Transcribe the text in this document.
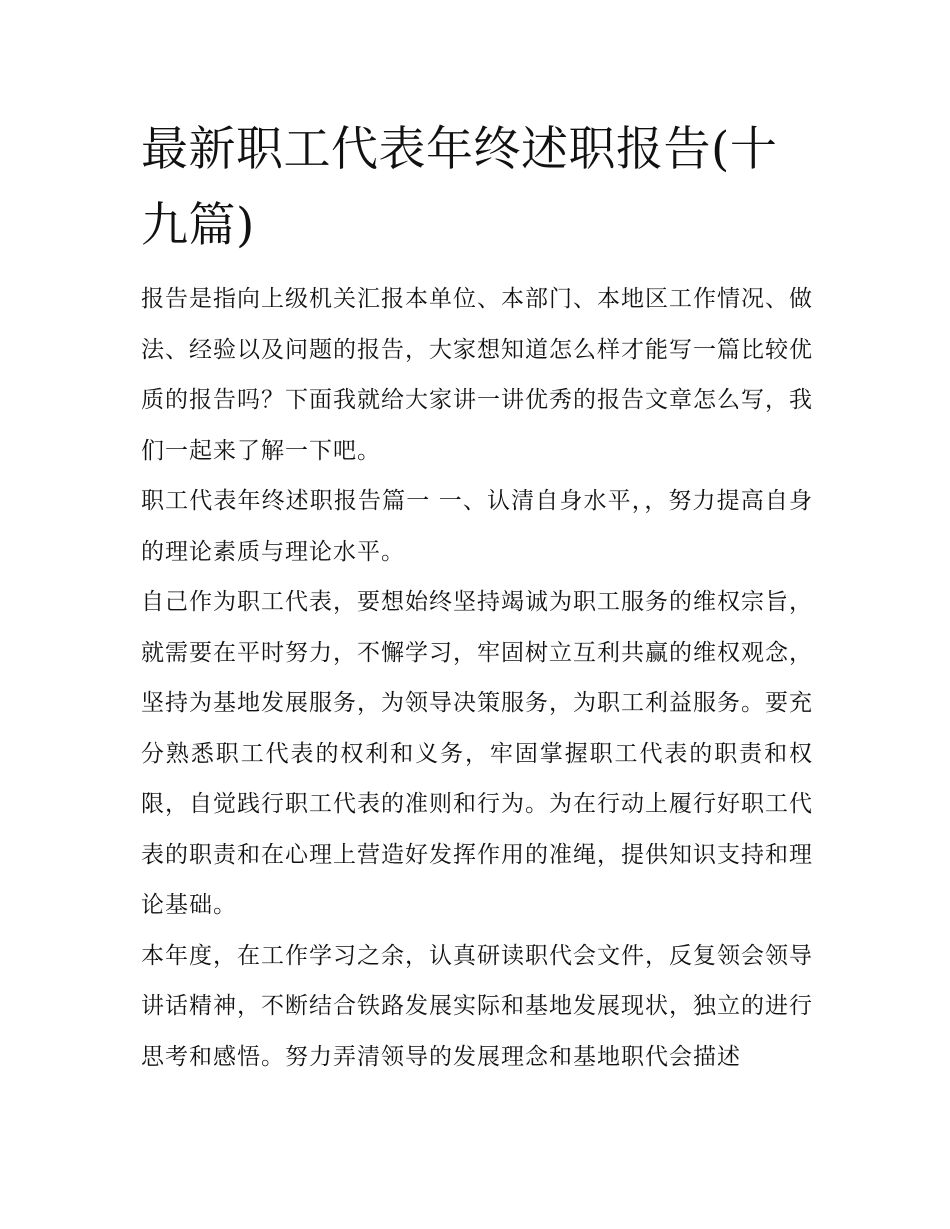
最新职工代表年终述职报告(十九篇)

报告是指向上级机关汇报本单位、本部门、本地区工作情况、做法、经验以及问题的报告，大家想知道怎么样才能写一篇比较优质的报告吗？下面我就给大家讲一讲优秀的报告文章怎么写，我们一起来了解一下吧。

职工代表年终述职报告篇一 一、认清自身水平，，努力提高自身的理论素质与理论水平。

自己作为职工代表，要想始终坚持竭诚为职工服务的维权宗旨，就需要在平时努力，不懈学习，牢固树立互利共赢的维权观念，坚持为基地发展服务，为领导决策服务，为职工利益服务。要充分熟悉职工代表的权利和义务，牢固掌握职工代表的职责和权限，自觉践行职工代表的准则和行为。为在行动上履行好职工代表的职责和在心理上营造好发挥作用的准绳，提供知识支持和理论基础。

本年度，在工作学习之余，认真研读职代会文件，反复领会领导讲话精神，不断结合铁路发展实际和基地发展现状，独立的进行思考和感悟。努力弄清领导的发展理念和基地职代会描述
